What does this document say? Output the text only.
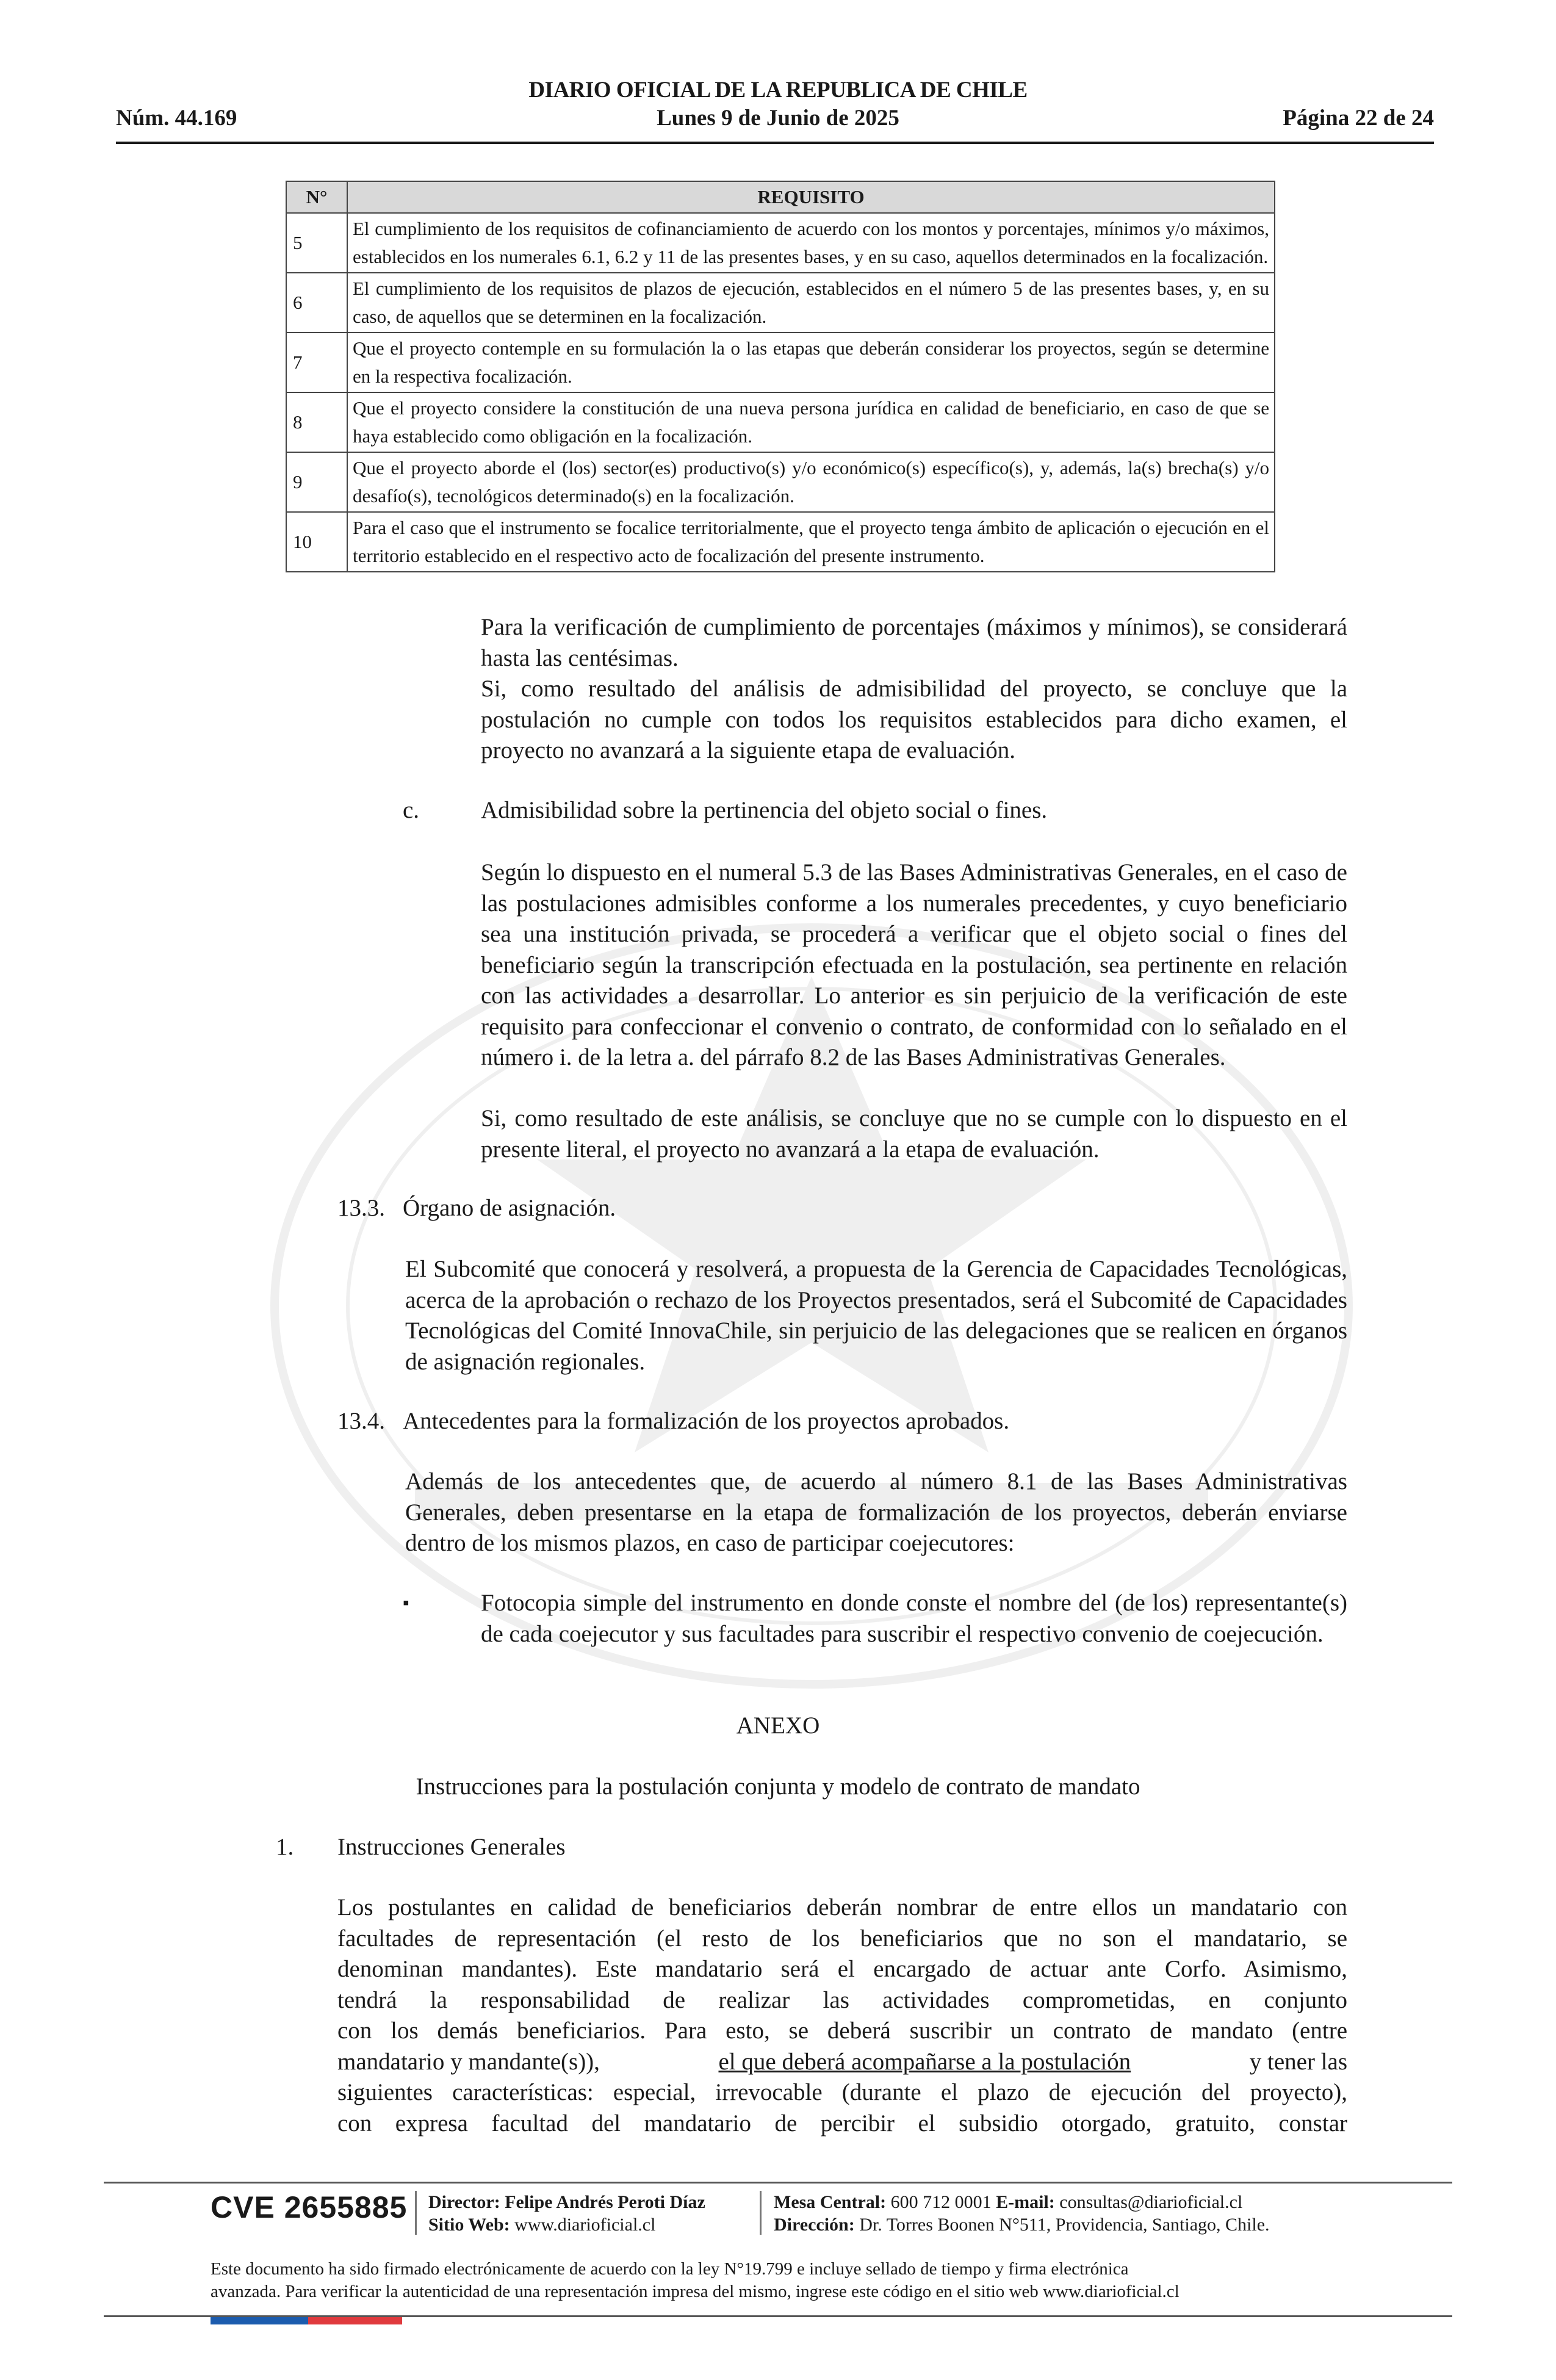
DIARIO OFICIAL DE LA REPUBLICA DE CHILE
Núm. 44.169	Lunes 9 de Junio de 2025	Página 22 de 24
N°	REQUISITO
5	El cumplimiento de los requisitos de cofinanciamiento de acuerdo con los montos y porcentajes, mínimos y/o máximos, establecidos en los numerales 6.1, 6.2 y 11 de las presentes bases, y en su caso, aquellos determinados en la focalización.
6	El cumplimiento de los requisitos de plazos de ejecución, establecidos en el número 5 de las presentes bases, y, en su caso, de aquellos que se determinen en la focalización.
7	Que el proyecto contemple en su formulación la o las etapas que deberán considerar los proyectos, según se determine en la respectiva focalización.
8	Que el proyecto considere la constitución de una nueva persona jurídica en calidad de beneficiario, en caso de que se haya establecido como obligación en la focalización.
9	Que el proyecto aborde el (los) sector(es) productivo(s) y/o económico(s) específico(s), y, además, la(s) brecha(s) y/o desafío(s), tecnológicos determinado(s) en la focalización.
10	Para el caso que el instrumento se focalice territorialmente, que el proyecto tenga ámbito de aplicación o ejecución en el territorio establecido en el respectivo acto de focalización del presente instrumento.
Para la verificación de cumplimiento de porcentajes (máximos y mínimos), se considerará hasta las centésimas.
Si, como resultado del análisis de admisibilidad del proyecto, se concluye que la postulación no cumple con todos los requisitos establecidos para dicho examen, el proyecto no avanzará a la siguiente etapa de evaluación.
c.	Admisibilidad sobre la pertinencia del objeto social o fines.
Según lo dispuesto en el numeral 5.3 de las Bases Administrativas Generales, en el caso de las postulaciones admisibles conforme a los numerales precedentes, y cuyo beneficiario sea una institución privada, se procederá a verificar que el objeto social o fines del beneficiario según la transcripción efectuada en la postulación, sea pertinente en relación con las actividades a desarrollar. Lo anterior es sin perjuicio de la verificación de este requisito para confeccionar el convenio o contrato, de conformidad con lo señalado en el número i. de la letra a. del párrafo 8.2 de las Bases Administrativas Generales.
Si, como resultado de este análisis, se concluye que no se cumple con lo dispuesto en el presente literal, el proyecto no avanzará a la etapa de evaluación.
13.3. Órgano de asignación.
El Subcomité que conocerá y resolverá, a propuesta de la Gerencia de Capacidades Tecnológicas, acerca de la aprobación o rechazo de los Proyectos presentados, será el Subcomité de Capacidades Tecnológicas del Comité InnovaChile, sin perjuicio de las delegaciones que se realicen en órganos de asignación regionales.
13.4. Antecedentes para la formalización de los proyectos aprobados.
Además de los antecedentes que, de acuerdo al número 8.1 de las Bases Administrativas Generales, deben presentarse en la etapa de formalización de los proyectos, deberán enviarse dentro de los mismos plazos, en caso de participar coejecutores:
▪	Fotocopia simple del instrumento en donde conste el nombre del (de los) representante(s) de cada coejecutor y sus facultades para suscribir el respectivo convenio de coejecución.
ANEXO
Instrucciones para la postulación conjunta y modelo de contrato de mandato
1. Instrucciones Generales
Los postulantes en calidad de beneficiarios deberán nombrar de entre ellos un mandatario con
facultades de representación (el resto de los beneficiarios que no son el mandatario, se
denominan mandantes). Este mandatario será el encargado de actuar ante Corfo. Asimismo,
tendrá la responsabilidad de realizar las actividades comprometidas, en conjunto
con los demás beneficiarios. Para esto, se deberá suscribir un contrato de mandato (entre
mandatario y mandante(s)),	el que deberá acompañarse a la postulación	y tener las
siguientes características: especial, irrevocable (durante el plazo de ejecución del proyecto),
con expresa facultad del mandatario de percibir el subsidio otorgado, gratuito, constar
CVE 2655885 Director: Felipe Andrés Peroti Díaz
Sitio Web: www.diarioficial.cl
Mesa Central: 600 712 0001 E-mail: consultas@diarioficial.cl
Dirección: Dr. Torres Boonen N°511, Providencia, Santiago, Chile.
Este documento ha sido firmado electrónicamente de acuerdo con la ley N°19.799 e incluye sellado de tiempo y firma electrónica
avanzada. Para verificar la autenticidad de una representación impresa del mismo, ingrese este código en el sitio web www.diarioficial.cl
